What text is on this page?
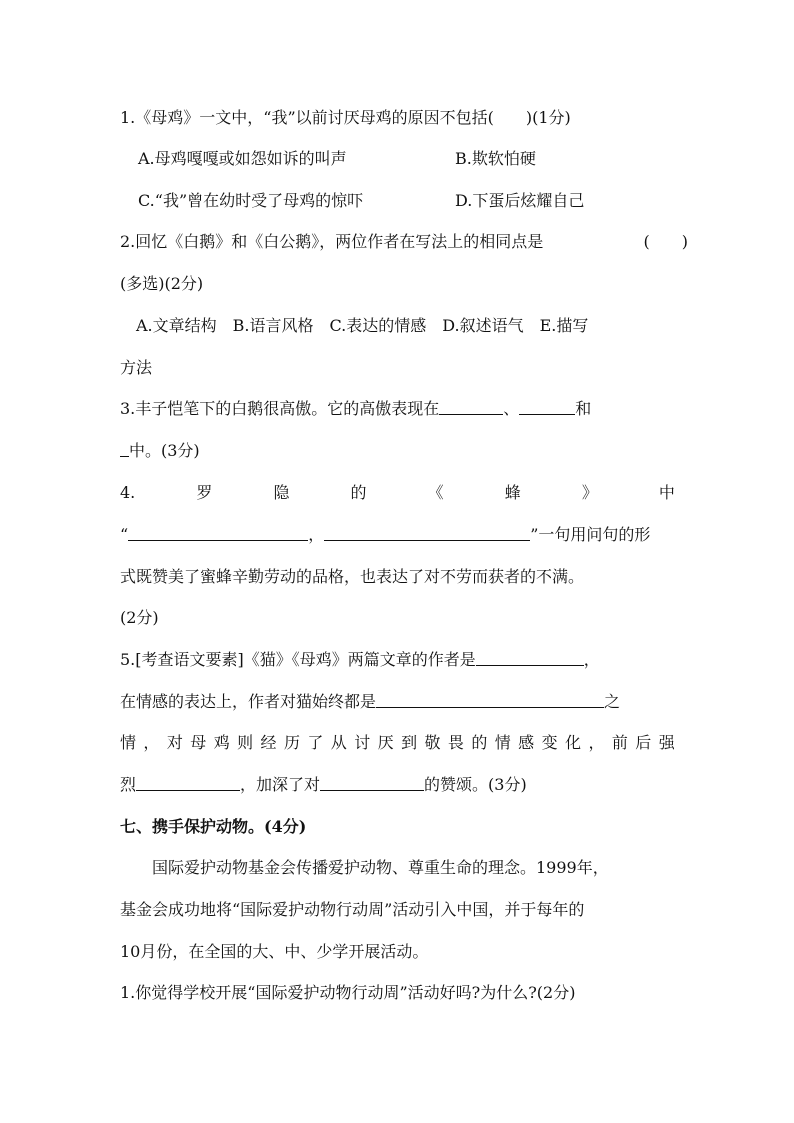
1.《母鸡》一文中，“我”以前讨厌母鸡的原因不包括(　　)(1分)
A.母鸡嘎嘎或如怨如诉的叫声	B.欺软怕硬
C.“我”曾在幼时受了母鸡的惊吓	D.下蛋后炫耀自己
2.回忆《白鹅》和《白公鹅》，两位作者在写法上的相同点是	(　　)
(多选)(2分)
A.文章结构　B.语言风格　C.表达的情感　D.叙述语气　E.描写
方法
3.丰子恺笔下的白鹅很高傲。它的高傲表现在	、	和
中。(3分)
4.	罗	隐	的	《	蜂	》	中
“	，	”一句用问句的形
式既赞美了蜜蜂辛勤劳动的品格，也表达了对不劳而获者的不满。
(2分)
5.[考查语文要素]《猫》《母鸡》两篇文章的作者是	，
在情感的表达上，作者对猫始终都是	之
情 ， 对 母 鸡 则 经 历 了 从 讨 厌 到 敬 畏 的 情 感 变 化 ， 前 后 强
烈	，加深了对	的赞颂。(3分)
七、携手保护动物。(4分)
国际爱护动物基金会传播爱护动物、尊重生命的理念。1999年，
基金会成功地将“国际爱护动物行动周”活动引入中国，并于每年的
10月份，在全国的大、中、少学开展活动。
1.你觉得学校开展“国际爱护动物行动周”活动好吗?为什么?(2分)
